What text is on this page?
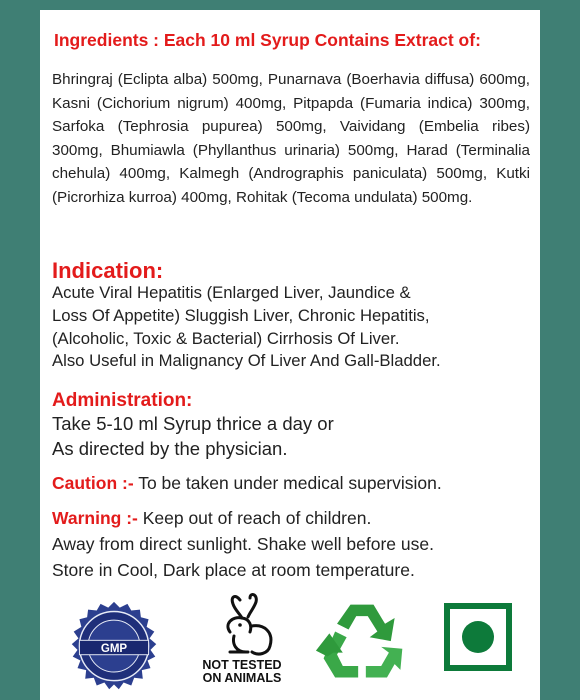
Ingredients : Each 10 ml Syrup Contains Extract of:
Bhringraj (Eclipta alba) 500mg, Punarnava (Boerhavia diffusa) 600mg, Kasni (Cichorium nigrum) 400mg, Pitpapda (Fumaria indica) 300mg, Sarfoka (Tephrosia pupurea) 500mg, Vaividang (Embelia ribes) 300mg, Bhumiawla (Phyllanthus urinaria) 500mg, Harad (Terminalia chehula) 400mg, Kalmegh (Andrographis paniculata) 500mg, Kutki (Picrorhiza kurroa) 400mg, Rohitak (Tecoma undulata) 500mg.
Indication:
Acute Viral Hepatitis (Enlarged Liver, Jaundice &
Loss Of Appetite) Sluggish Liver, Chronic Hepatitis,
(Alcoholic, Toxic & Bacterial) Cirrhosis Of Liver.
Also Useful in Malignancy Of Liver And Gall-Bladder.
Administration:
Take 5-10 ml Syrup thrice a day or
As directed by the physician.
Caution :- To be taken under medical supervision.
Warning :- Keep out of reach of children.
Away from direct sunlight. Shake well before use.
Store in Cool, Dark place at room temperature.
GMP
NOT TESTED
ON ANIMALS
